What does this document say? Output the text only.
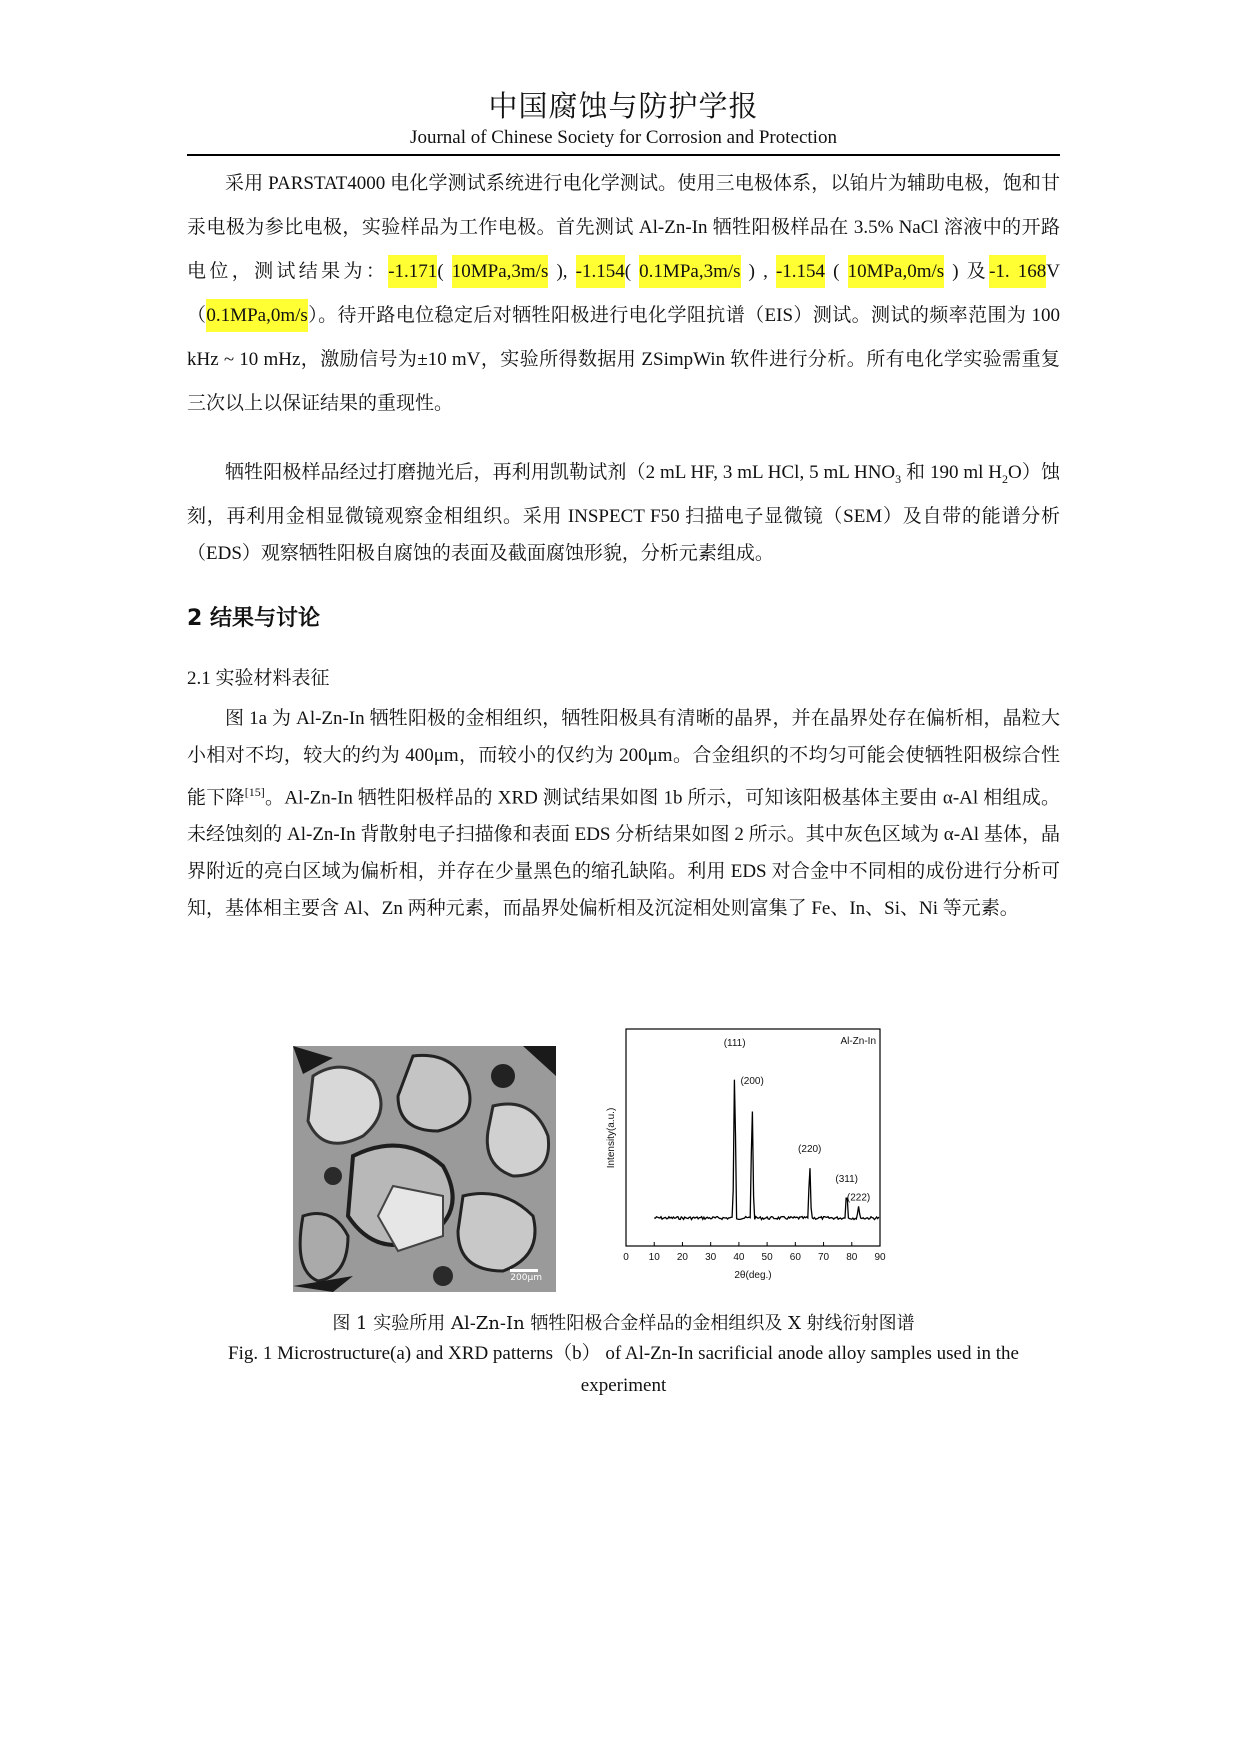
中国腐蚀与防护学报
Journal of Chinese Society for Corrosion and Protection

采用 PARSTAT4000 电化学测试系统进行电化学测试。使用三电极体系，以铂片为辅助电极，饱和甘汞电极为参比电极，实验样品为工作电极。首先测试 Al-Zn-In 牺牲阳极样品在 3.5% NaCl 溶液中的开路电位，测试结果为：-1.171( 10MPa,3m/s ), -1.154( 0.1MPa,3m/s ) , -1.154 ( 10MPa,0m/s ) 及-1. 168V（0.1MPa,0m/s）。待开路电位稳定后对牺牲阳极进行电化学阻抗谱（EIS）测试。测试的频率范围为 100 kHz ~ 10 mHz，激励信号为±10 mV，实验所得数据用 ZSimpWin 软件进行分析。所有电化学实验需重复三次以上以保证结果的重现性。

牺牲阳极样品经过打磨抛光后，再利用凯勒试剂（2 mL HF, 3 mL HCl, 5 mL $HNO_3$ 和 190 ml $H_2O$）蚀刻，再利用金相显微镜观察金相组织。采用 INSPECT F50 扫描电子显微镜（SEM）及自带的能谱分析（EDS）观察牺牲阳极自腐蚀的表面及截面腐蚀形貌，分析元素组成。

2 结果与讨论
2.1 实验材料表征

图 1a 为 Al-Zn-In 牺牲阳极的金相组织，牺牲阳极具有清晰的晶界，并在晶界处存在偏析相，晶粒大小相对不均，较大的约为 400μm，而较小的仅约为 200μm。合金组织的不均匀可能会使牺牲阳极综合性能下降[15]。Al-Zn-In 牺牲阳极样品的 XRD 测试结果如图 1b 所示，可知该阳极基体主要由 α-Al 相组成。未经蚀刻的 Al-Zn-In 背散射电子扫描像和表面 EDS 分析结果如图 2 所示。其中灰色区域为 α-Al 基体，晶界附近的亮白区域为偏析相，并存在少量黑色的缩孔缺陷。利用 EDS 对合金中不同相的成份进行分析可知，基体相主要含 Al、Zn 两种元素，而晶界处偏析相及沉淀相处则富集了 Fe、In、Si、Ni 等元素。

200μm
Al-Zn-In
Intensity(a.u.)
2θ(deg.)
0 10 20 30 40 50 60 70 80 90
(111)
(200)
(220)
(311)
(222)
图 1 实验所用 Al-Zn-In 牺牲阳极合金样品的金相组织及 X 射线衍射图谱
Fig. 1 Microstructure(a) and XRD patterns（b） of Al-Zn-In sacrificial anode alloy samples used in the experiment
